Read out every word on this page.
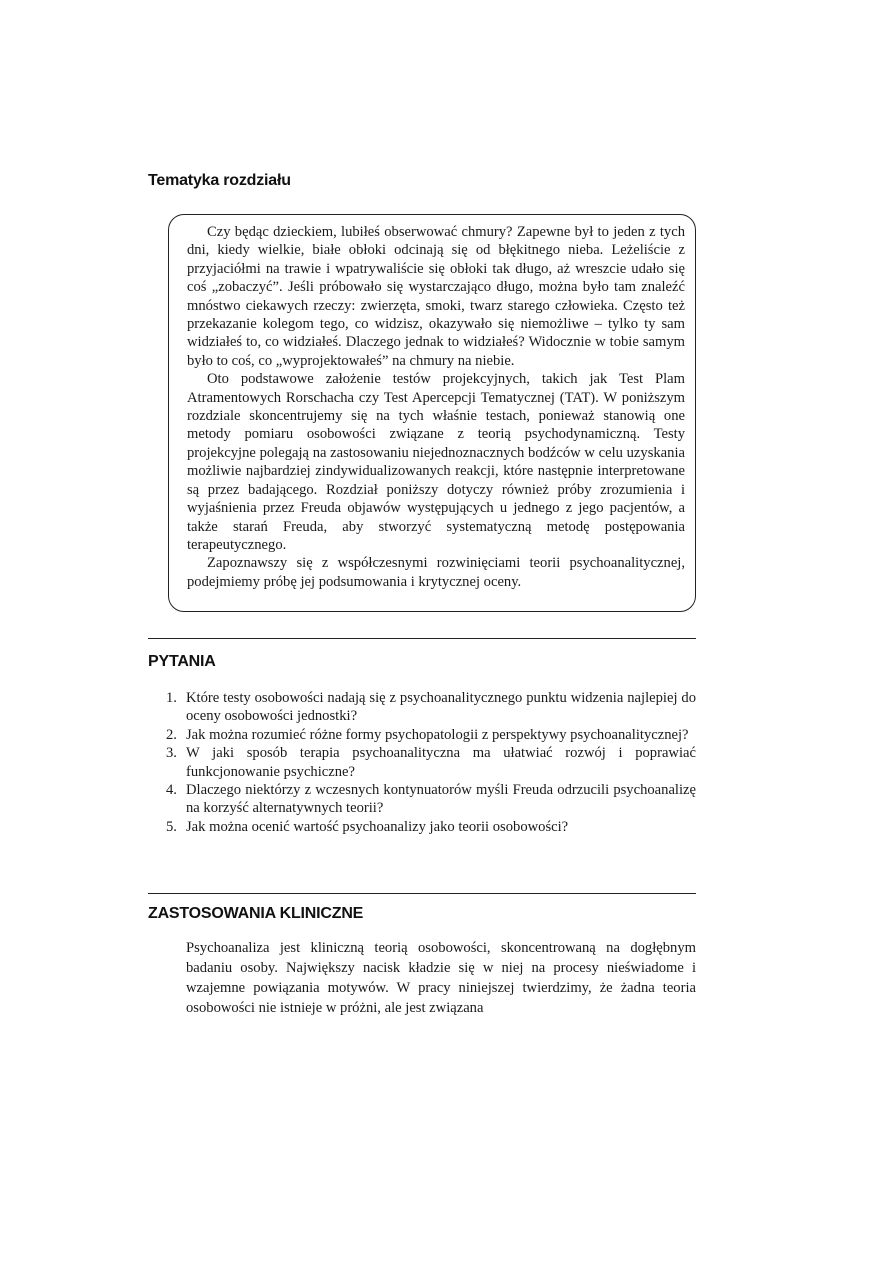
Tematyka rozdziału

Czy będąc dzieckiem, lubiłeś obserwować chmury? Zapewne był to jeden z tych dni, kiedy wielkie, białe obłoki odcinają się od błękitnego nieba. Leżeliście z przyjaciółmi na trawie i wpatrywaliście się obłoki tak długo, aż wreszcie udało się coś „zobaczyć”. Jeśli próbowało się wystarczająco długo, można było tam znaleźć mnóstwo ciekawych rzeczy: zwierzęta, smoki, twarz starego człowieka. Często też przekazanie kolegom tego, co widzisz, okazywało się niemożliwe – tylko ty sam widziałeś to, co widziałeś. Dlaczego jednak to widziałeś? Widocznie w tobie samym było to coś, co „wyprojektowałeś” na chmury na niebie.

Oto podstawowe założenie testów projekcyjnych, takich jak Test Plam Atramentowych Rorschacha czy Test Apercepcji Tematycznej (TAT). W poniższym rozdziale skoncentrujemy się na tych właśnie testach, ponieważ stanowią one metody pomiaru osobowości związane z teorią psychodynamiczną. Testy projekcyjne polegają na zastosowaniu niejednoznacznych bodźców w celu uzyskania możliwie najbardziej zindywidualizowanych reakcji, które następnie interpretowane są przez badającego. Rozdział poniższy dotyczy również próby zrozumienia i wyjaśnienia przez Freuda objawów występujących u jednego z jego pacjentów, a także starań Freuda, aby stworzyć systematyczną metodę postępowania terapeutycznego.

Zapoznawszy się z współczesnymi rozwinięciami teorii psychoanalitycznej, podejmiemy próbę jej podsumowania i krytycznej oceny.

PYTANIA
1. Które testy osobowości nadają się z psychoanalitycznego punktu widzenia najlepiej do oceny osobowości jednostki?
2. Jak można rozumieć różne formy psychopatologii z perspektywy psychoanalitycznej?
3. W jaki sposób terapia psychoanalityczna ma ułatwiać rozwój i poprawiać funkcjonowanie psychiczne?
4. Dlaczego niektórzy z wczesnych kontynuatorów myśli Freuda odrzucili psychoanalizę na korzyść alternatywnych teorii?
5. Jak można ocenić wartość psychoanalizy jako teorii osobowości?
ZASTOSOWANIA KLINICZNE

Psychoanaliza jest kliniczną teorią osobowości, skoncentrowaną na dogłębnym badaniu osoby. Największy nacisk kładzie się w niej na procesy nieświadome i wzajemne powiązania motywów. W pracy niniejszej twierdzimy, że żadna teoria osobowości nie istnieje w próżni, ale jest związana
